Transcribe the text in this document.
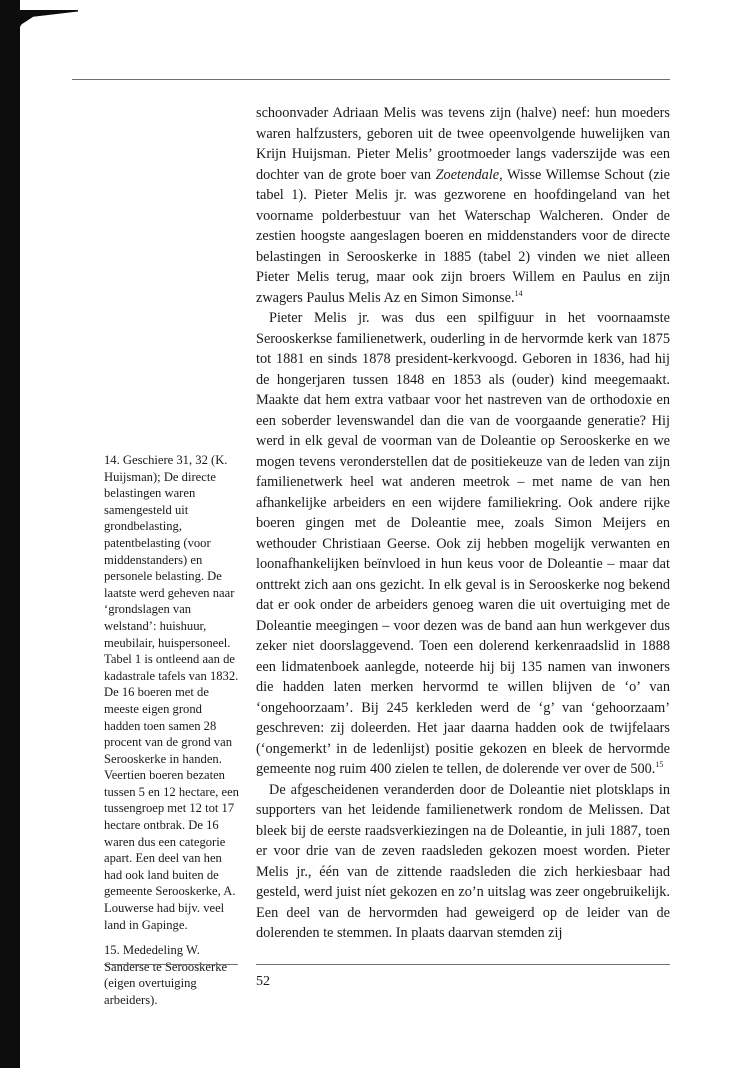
schoonvader Adriaan Melis was tevens zijn (halve) neef: hun moeders waren halfzusters, geboren uit de twee opeenvolgende huwelijken van Krijn Huijsman. Pieter Melis’ grootmoeder langs vaderszijde was een dochter van de grote boer van Zoetendale, Wisse Willemse Schout (zie tabel 1). Pieter Melis jr. was gezworene en hoofdingeland van het voorname polderbestuur van het Waterschap Walcheren. Onder de zestien hoogste aangeslagen boeren en middenstanders voor de directe belastingen in Serooskerke in 1885 (tabel 2) vinden we niet alleen Pieter Melis terug, maar ook zijn broers Willem en Paulus en zijn zwagers Paulus Melis Az en Simon Simonse.$^{14}$

Pieter Melis jr. was dus een spilfiguur in het voornaamste Serooskerkse familienetwerk, ouderling in de hervormde kerk van 1875 tot 1881 en sinds 1878 president-kerkvoogd. Geboren in 1836, had hij de hongerjaren tussen 1848 en 1853 als (ouder) kind meegemaakt. Maakte dat hem extra vatbaar voor het nastreven van de orthodoxie en een soberder levenswandel dan die van de voorgaande generatie? Hij werd in elk geval de voorman van de Doleantie op Serooskerke en we mogen tevens veronderstellen dat de positiekeuze van de leden van zijn familienetwerk heel wat anderen meetrok – met name de van hen afhankelijke arbeiders en een wijdere familiekring. Ook andere rijke boeren gingen met de Doleantie mee, zoals Simon Meijers en wethouder Christiaan Geerse. Ook zij hebben mogelijk verwanten en loonafhankelijken beïnvloed in hun keus voor de Doleantie – maar dat onttrekt zich aan ons gezicht. In elk geval is in Serooskerke nog bekend dat er ook onder de arbeiders genoeg waren die uit overtuiging met de Doleantie meegingen – voor dezen was de band aan hun werkgever dus zeker niet doorslaggevend. Toen een dolerend kerkenraadslid in 1888 een lidmatenboek aanlegde, noteerde hij bij 135 namen van inwoners die hadden laten merken hervormd te willen blijven de ‘o’ van ‘ongehoorzaam’. Bij 245 kerkleden werd de ‘g’ van ‘gehoorzaam’ geschreven: zij doleerden. Het jaar daarna hadden ook de twijfelaars (‘ongemerkt’ in de ledenlijst) positie gekozen en bleek de hervormde gemeente nog ruim 400 zielen te tellen, de dolerende ver over de 500.15

De afgescheidenen veranderden door de Doleantie niet plotsklaps in supporters van het leidende familienetwerk rondom de Melissen. Dat bleek bij de eerste raadsverkiezingen na de Doleantie, in juli 1887, toen er voor drie van de zeven raadsleden gekozen moest worden. Pieter Melis jr., één van de zittende raadsleden die zich herkiesbaar had gesteld, werd juist níet gekozen en zo’n uitslag was zeer ongebruikelijk. Een deel van de hervormden had geweigerd op de leider van de dolerenden te stemmen. In plaats daarvan stemden zij

14. Geschiere 31, 32 (K. Huijsman); De directe belastingen waren samengesteld uit grondbelasting, patentbelasting (voor middenstanders) en personele belasting. De laatste werd geheven naar ‘grondslagen van welstand’: huishuur, meubilair, huispersoneel. Tabel 1 is ontleend aan de kadastrale tafels van 1832. De 16 boeren met de meeste eigen grond hadden toen samen 28 procent van de grond van Serooskerke in handen. Veertien boeren bezaten tussen 5 en 12 hectare, een tussengroep met 12 tot 17 hectare ontbrak. De 16 waren dus een categorie apart. Een deel van hen had ook land buiten de gemeente Serooskerke, A. Louwerse had bijv. veel land in Gapinge.

15. Mededeling W. Sanderse te Serooskerke (eigen overtuiging arbeiders).

52
